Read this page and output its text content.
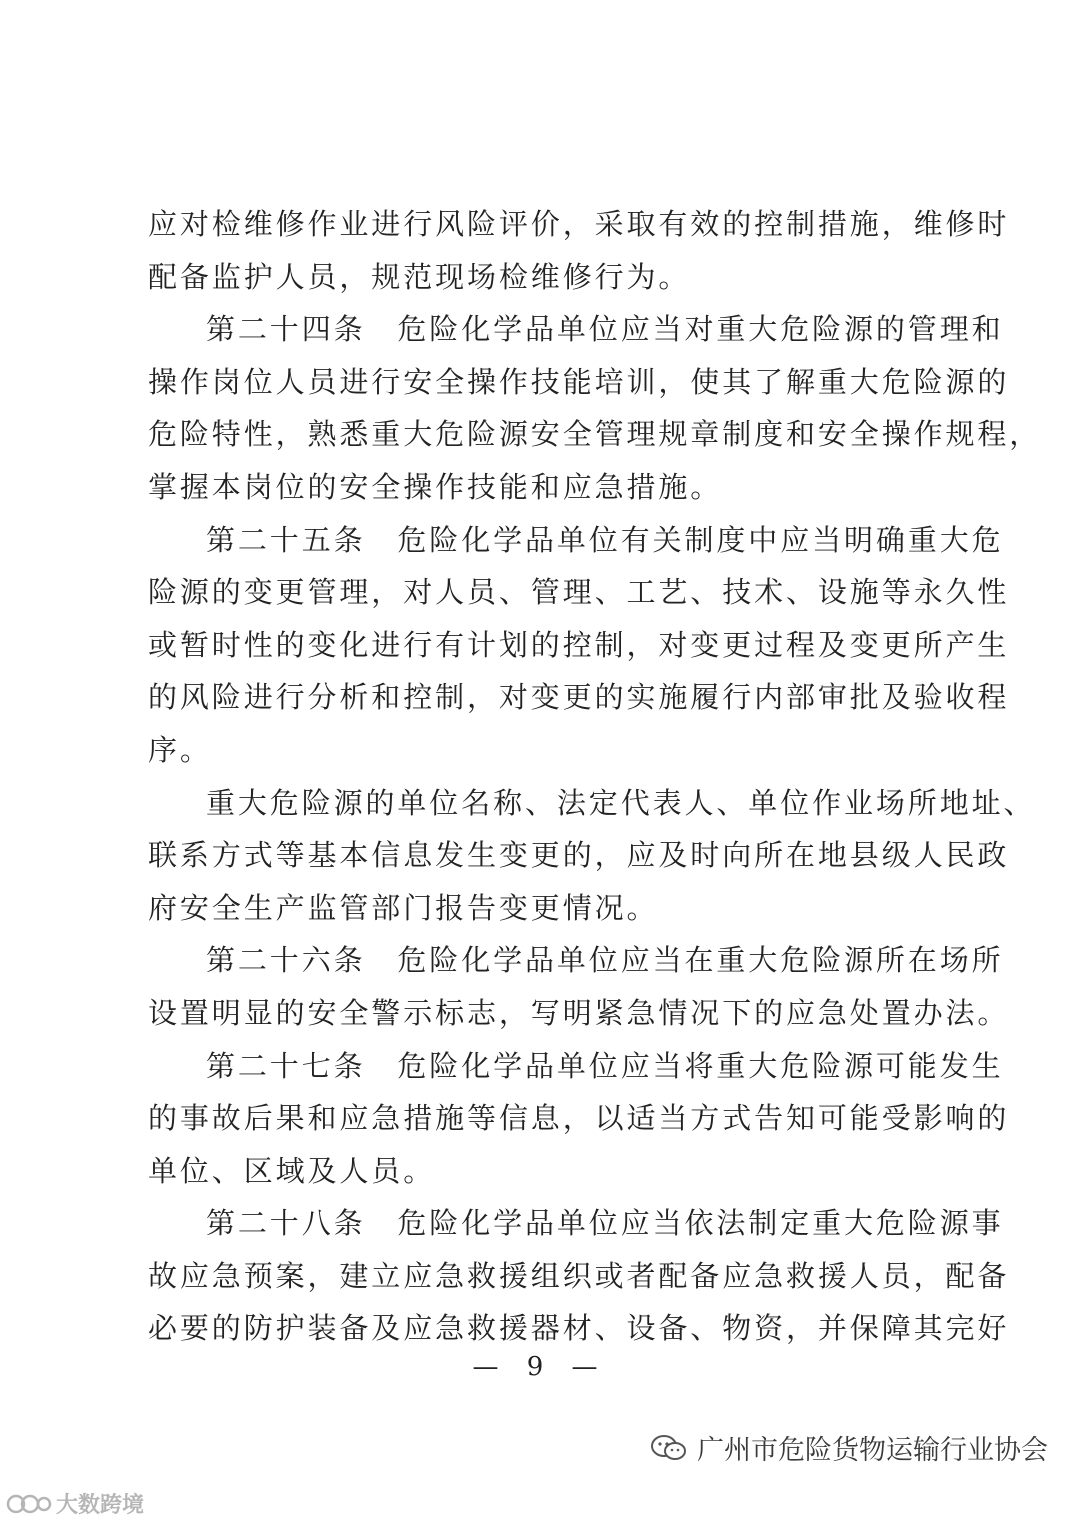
应对检维修作业进行风险评价，采取有效的控制措施，维修时
配备监护人员，规范现场检维修行为。
第二十四条　危险化学品单位应当对重大危险源的管理和
操作岗位人员进行安全操作技能培训，使其了解重大危险源的
危险特性，熟悉重大危险源安全管理规章制度和安全操作规程，
掌握本岗位的安全操作技能和应急措施。
第二十五条　危险化学品单位有关制度中应当明确重大危
险源的变更管理，对人员、管理、工艺、技术、设施等永久性
或暂时性的变化进行有计划的控制，对变更过程及变更所产生
的风险进行分析和控制，对变更的实施履行内部审批及验收程
序。
重大危险源的单位名称、法定代表人、单位作业场所地址、
联系方式等基本信息发生变更的，应及时向所在地县级人民政
府安全生产监管部门报告变更情况。
第二十六条　危险化学品单位应当在重大危险源所在场所
设置明显的安全警示标志，写明紧急情况下的应急处置办法。
第二十七条　危险化学品单位应当将重大危险源可能发生
的事故后果和应急措施等信息，以适当方式告知可能受影响的
单位、区域及人员。
第二十八条　危险化学品单位应当依法制定重大危险源事
故应急预案，建立应急救援组织或者配备应急救援人员，配备
必要的防护装备及应急救援器材、设备、物资，并保障其完好
— 9 —
广州市危险货物运输行业协会
大数跨境
